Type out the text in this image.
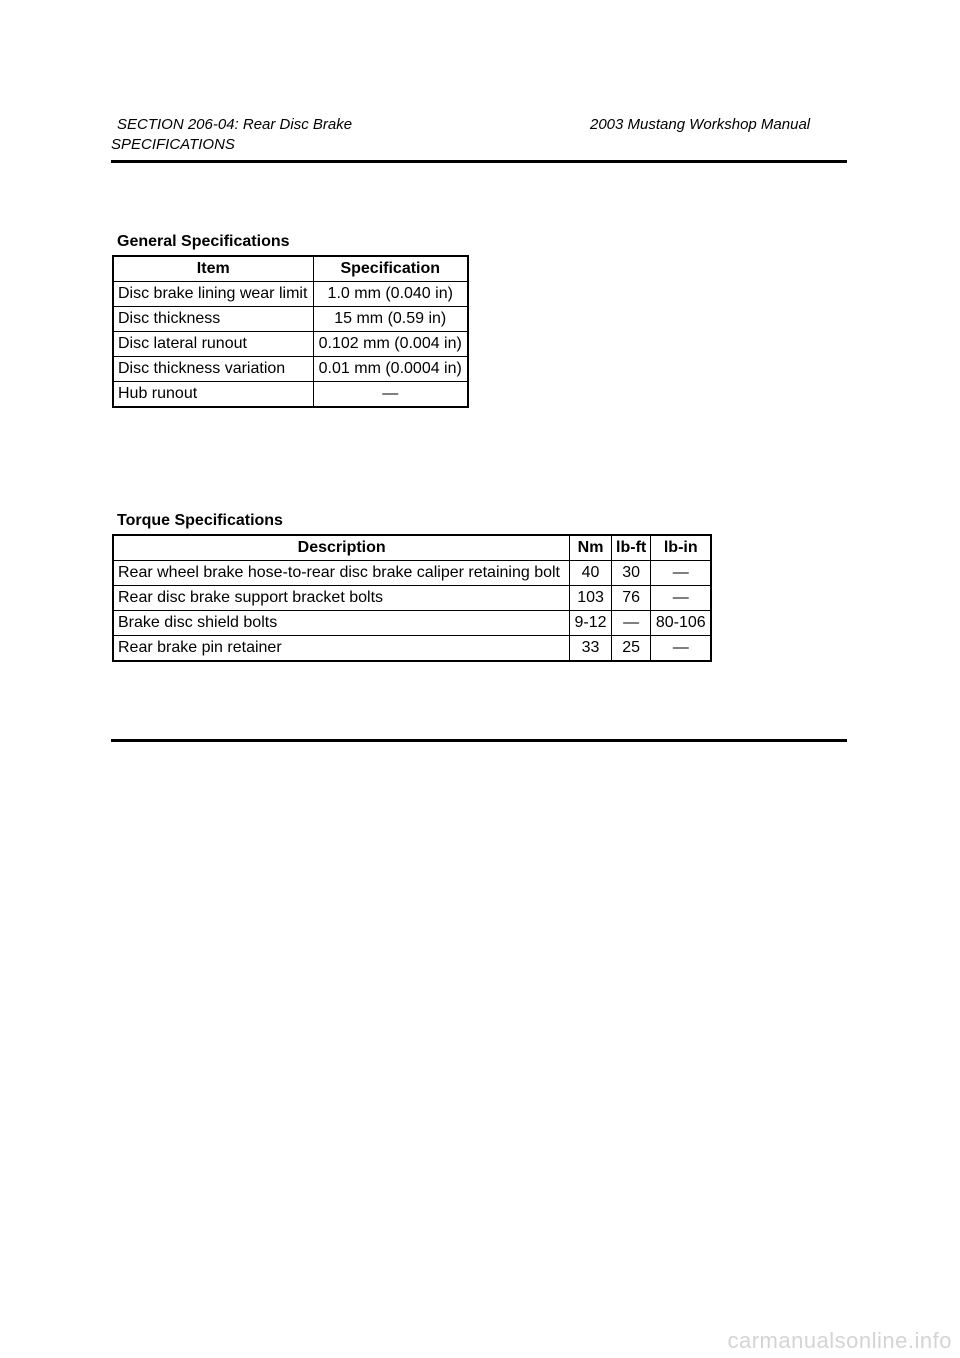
SECTION 206-04: Rear Disc Brake	2003 Mustang Workshop Manual
SPECIFICATIONS
General Specifications
Item	Specification
Disc brake lining wear limit	1.0 mm (0.040 in)
Disc thickness	15 mm (0.59 in)
Disc lateral runout	0.102 mm (0.004 in)
Disc thickness variation	0.01 mm (0.0004 in)
Hub runout	—
Torque Specifications
Description	Nm	lb-ft	lb-in
Rear wheel brake hose-to-rear disc brake caliper retaining bolt	40	30	—
Rear disc brake support bracket bolts	103	76	—
Brake disc shield bolts	9-12	—	80-106
Rear brake pin retainer	33	25	—
carmanualsonline.info
